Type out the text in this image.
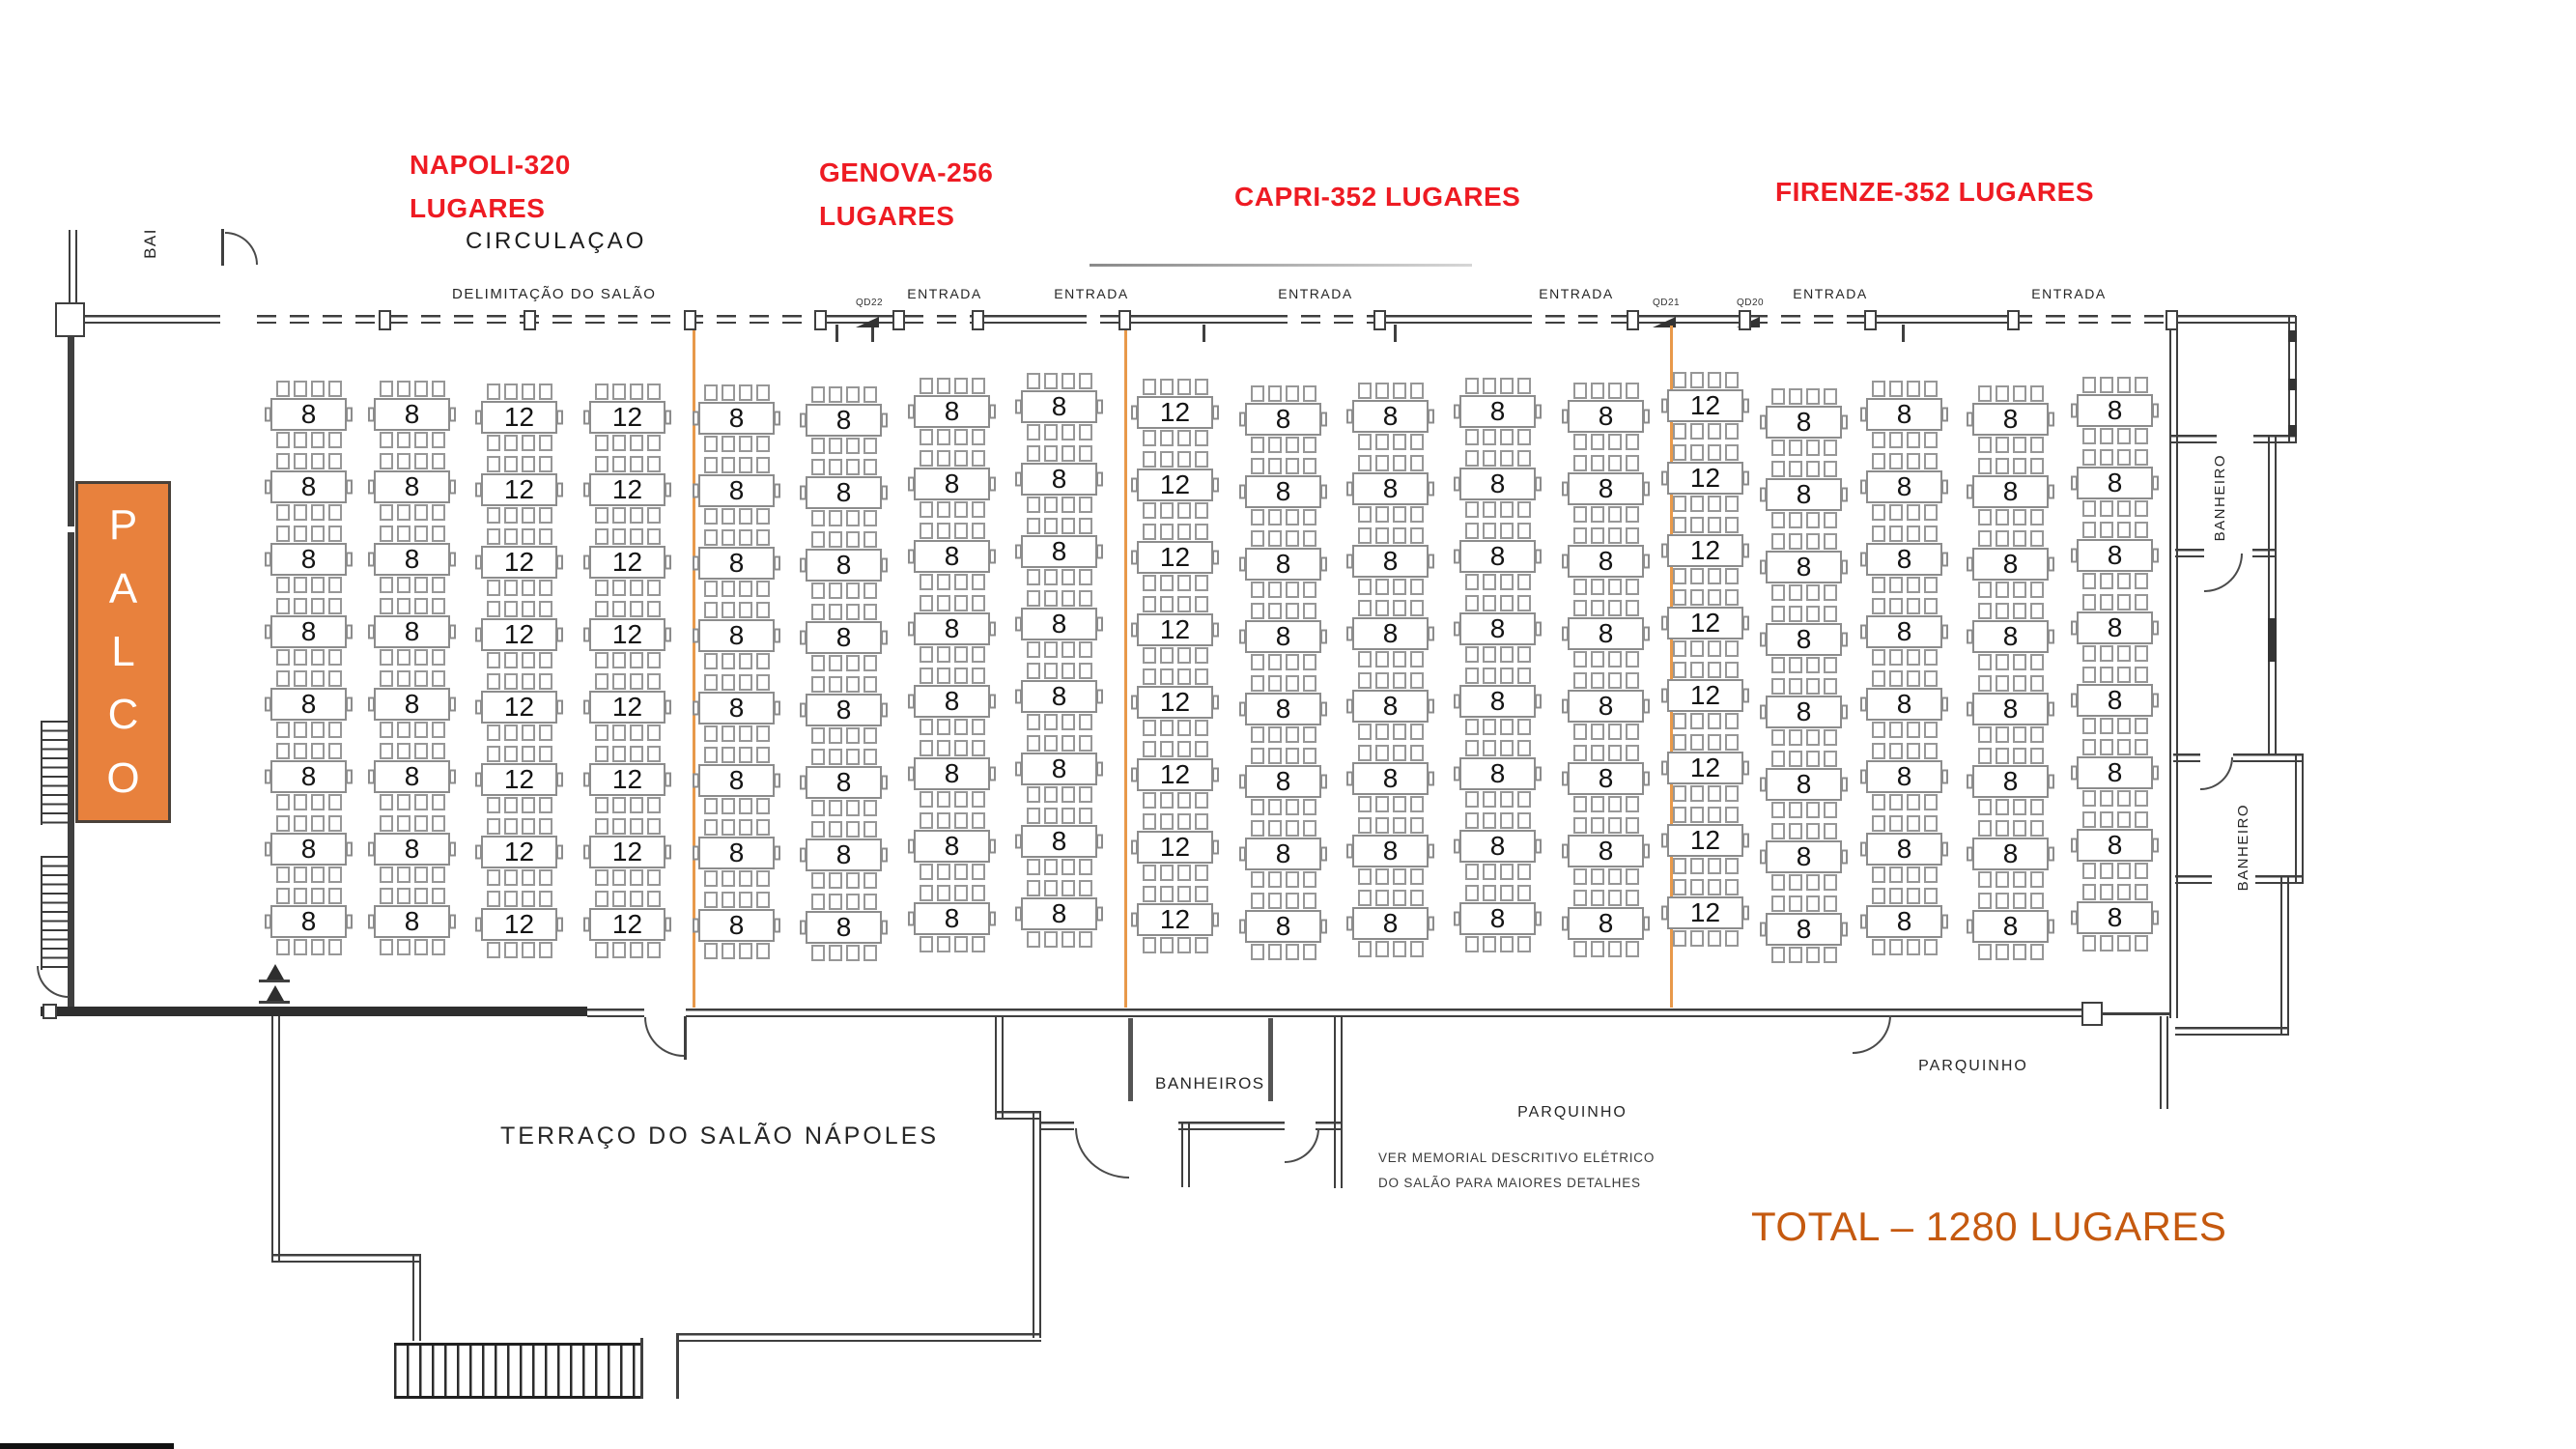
NAPOLI-320
LUGARES
GENOVA-256
LUGARES
CAPRI-352 LUGARES	FIRENZE-352 LUGARES
CIRCULAÇAO
DELIMITAÇÃO DO SALÃO
BAI
P
A
L
C
O
TERRAÇO DO SALÃO NÁPOLES
BANHEIROS
PARQUINHO
PARQUINHO
VER MEMORIAL DESCRITIVO ELÉTRICO
DO SALÃO PARA MAIORES DETALHES
BANHEIRO
BANHEIRO
ENTRADA	ENTRADA	ENTRADA	ENTRADA	ENTRADA	ENTRADA
QD22	QD21	QD20
8	8	12	12	8	8	8	8	12	8	8	8	8	12
8	8	8	8
8	8	12	12	8	8	8	8	12	8	8	8	8	12
8	8	8	8
8	8	12	12	8	8	8	8	12	8	8	8	8	12
8	8	8	8
8	8	12	12	8	8	8	8	12	8	8	8	8	12
8	8	8	8
8	8	12	12	8	8	8	8	12	8	8	8	8	12
8	8	8	8
8	8	12	12	8	8	8	8	12	8	8	8	8	12
8	8	8	8
8	8	12	12	8	8	8	8	12	8	8	8	8	12
8	8	8	8
8	8	12	12	8	8	8	8	12	8	8	8	8	12
8	8	8	8
TOTAL – 1280 LUGARES
